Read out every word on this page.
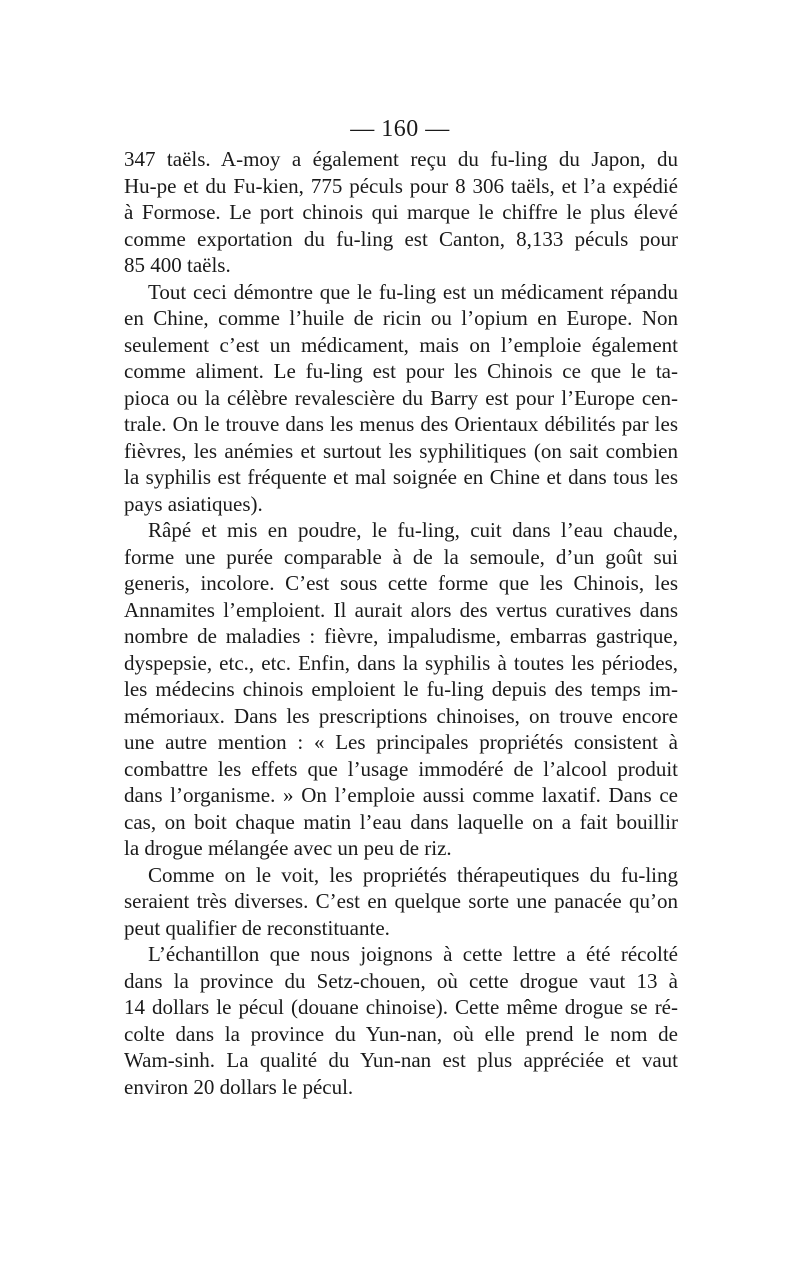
— 160 —
347 taëls. A-moy a également reçu du fu-ling du Japon, du
Hu-pe et du Fu-kien, 775 péculs pour 8 306 taëls, et l’a expédié
à Formose. Le port chinois qui marque le chiffre le plus élevé
comme exportation du fu-ling est Canton, 8,133 péculs pour
85 400 taëls.
Tout ceci démontre que le fu-ling est un médicament répandu
en Chine, comme l’huile de ricin ou l’opium en Europe. Non
seulement c’est un médicament, mais on l’emploie également
comme aliment. Le fu-ling est pour les Chinois ce que le ta-
pioca ou la célèbre revalescière du Barry est pour l’Europe cen-
trale. On le trouve dans les menus des Orientaux débilités par les
fièvres, les anémies et surtout les syphilitiques (on sait combien
la syphilis est fréquente et mal soignée en Chine et dans tous les
pays asiatiques).
Râpé et mis en poudre, le fu-ling, cuit dans l’eau chaude,
forme une purée comparable à de la semoule, d’un goût sui
generis, incolore. C’est sous cette forme que les Chinois, les
Annamites l’emploient. Il aurait alors des vertus curatives dans
nombre de maladies : fièvre, impaludisme, embarras gastrique,
dyspepsie, etc., etc. Enfin, dans la syphilis à toutes les périodes,
les médecins chinois emploient le fu-ling depuis des temps im-
mémoriaux. Dans les prescriptions chinoises, on trouve encore
une autre mention : « Les principales propriétés consistent à
combattre les effets que l’usage immodéré de l’alcool produit
dans l’organisme. » On l’emploie aussi comme laxatif. Dans ce
cas, on boit chaque matin l’eau dans laquelle on a fait bouillir
la drogue mélangée avec un peu de riz.
Comme on le voit, les propriétés thérapeutiques du fu-ling
seraient très diverses. C’est en quelque sorte une panacée qu’on
peut qualifier de reconstituante.
L’échantillon que nous joignons à cette lettre a été récolté
dans la province du Setz-chouen, où cette drogue vaut 13 à
14 dollars le pécul (douane chinoise). Cette même drogue se ré-
colte dans la province du Yun-nan, où elle prend le nom de
Wam-sinh. La qualité du Yun-nan est plus appréciée et vaut
environ 20 dollars le pécul.
